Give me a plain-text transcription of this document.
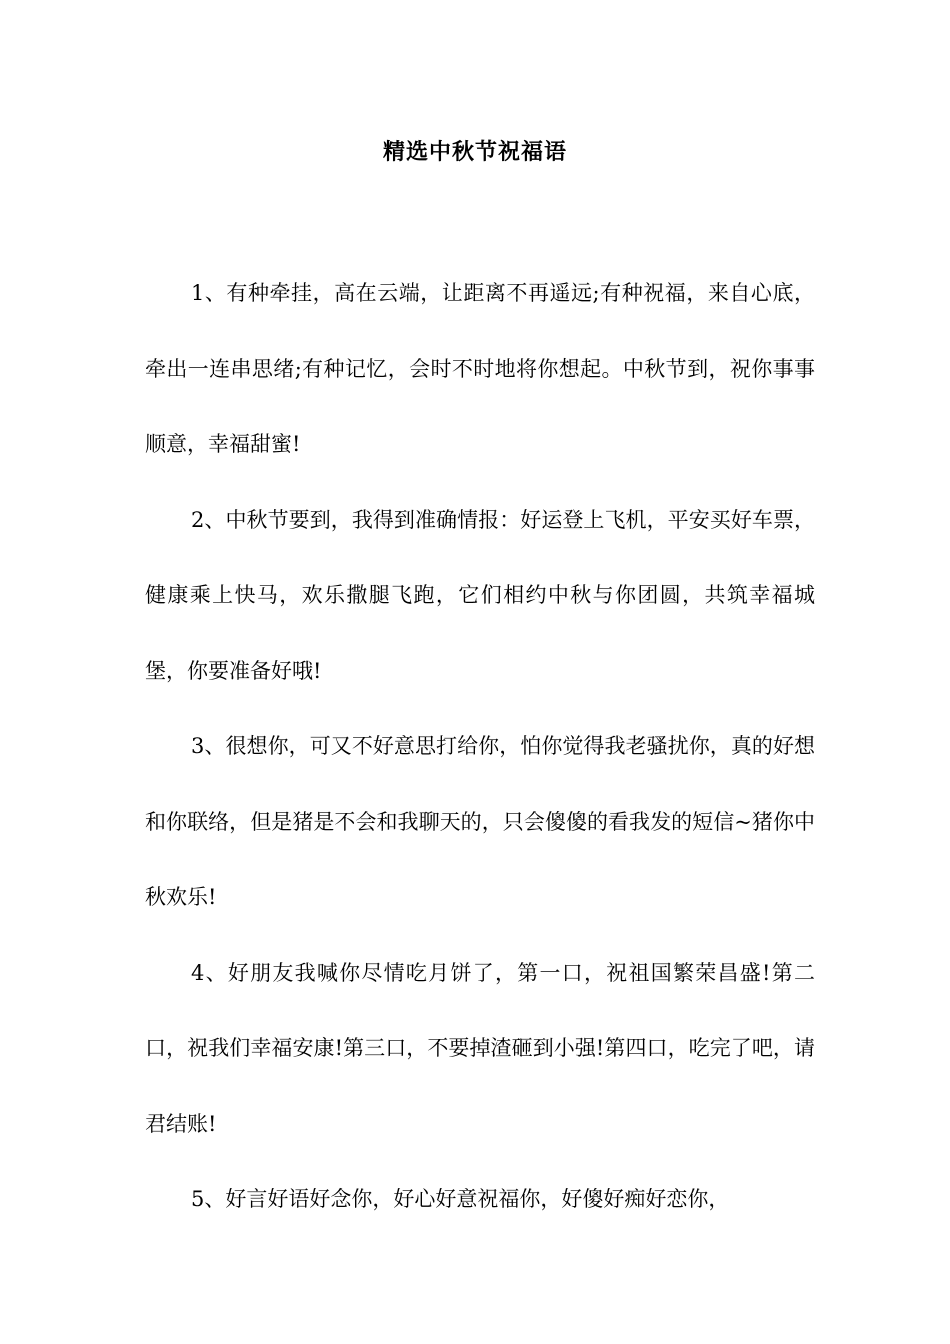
精选中秋节祝福语

1、有种牵挂，高在云端，让距离不再遥远;有种祝福，来自心底，牵出一连串思绪;有种记忆，会时不时地将你想起。中秋节到，祝你事事顺意，幸福甜蜜!

2、中秋节要到，我得到准确情报：好运登上飞机，平安买好车票，健康乘上快马，欢乐撒腿飞跑，它们相约中秋与你团圆，共筑幸福城堡，你要准备好哦!

3、很想你，可又不好意思打给你，怕你觉得我老骚扰你，真的好想和你联络，但是猪是不会和我聊天的，只会傻傻的看我发的短信~猪你中秋欢乐!

4、好朋友我喊你尽情吃月饼了，第一口，祝祖国繁荣昌盛!第二口，祝我们幸福安康!第三口，不要掉渣砸到小强!第四口，吃完了吧，请君结账!

5、好言好语好念你，好心好意祝福你，好傻好痴好恋你，
